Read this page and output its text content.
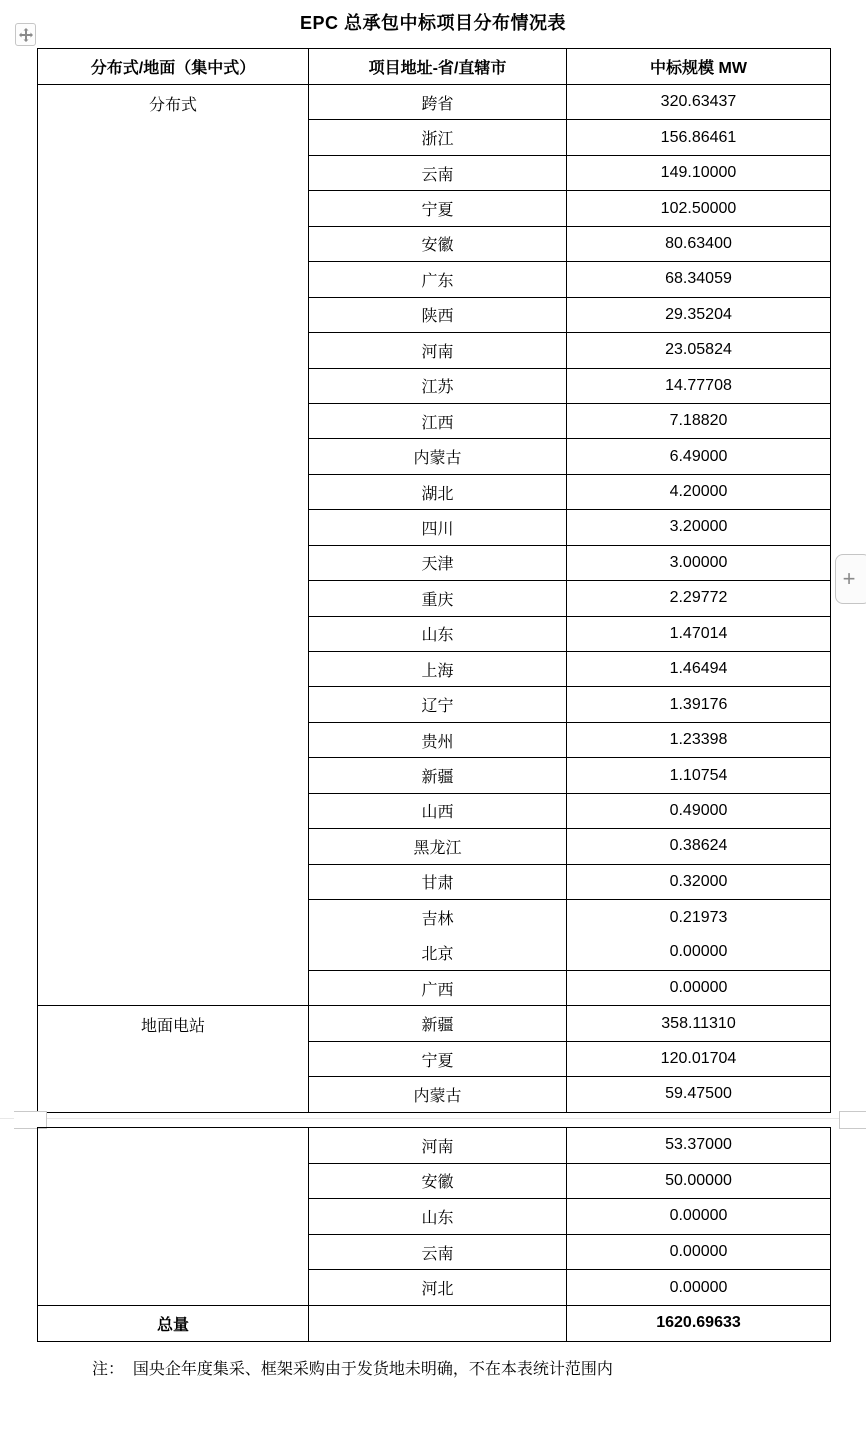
EPC 总承包中标项目分布情况表
分布式/地面（集中式）	项目地址-省/直辖市	中标规模 MW
分布式	跨省	320.63437
	浙江	156.86461
	云南	149.10000
	宁夏	102.50000
	安徽	80.63400
	广东	68.34059
	陕西	29.35204
	河南	23.05824
	江苏	14.77708
	江西	7.18820
	内蒙古	6.49000
	湖北	4.20000
	四川	3.20000
	天津	3.00000
	重庆	2.29772
	山东	1.47014
	上海	1.46494
	辽宁	1.39176
	贵州	1.23398
	新疆	1.10754
	山西	0.49000
	黑龙江	0.38624
	甘肃	0.32000
	吉林	0.21973
	北京	0.00000
	广西	0.00000
地面电站	新疆	358.11310
	宁夏	120.01704
	内蒙古	59.47500
	河南	53.37000
	安徽	50.00000
	山东	0.00000
	云南	0.00000
	河北	0.00000
总量		1620.69633
+
注：  国央企年度集采、框架采购由于发货地未明确，不在本表统计范围内
